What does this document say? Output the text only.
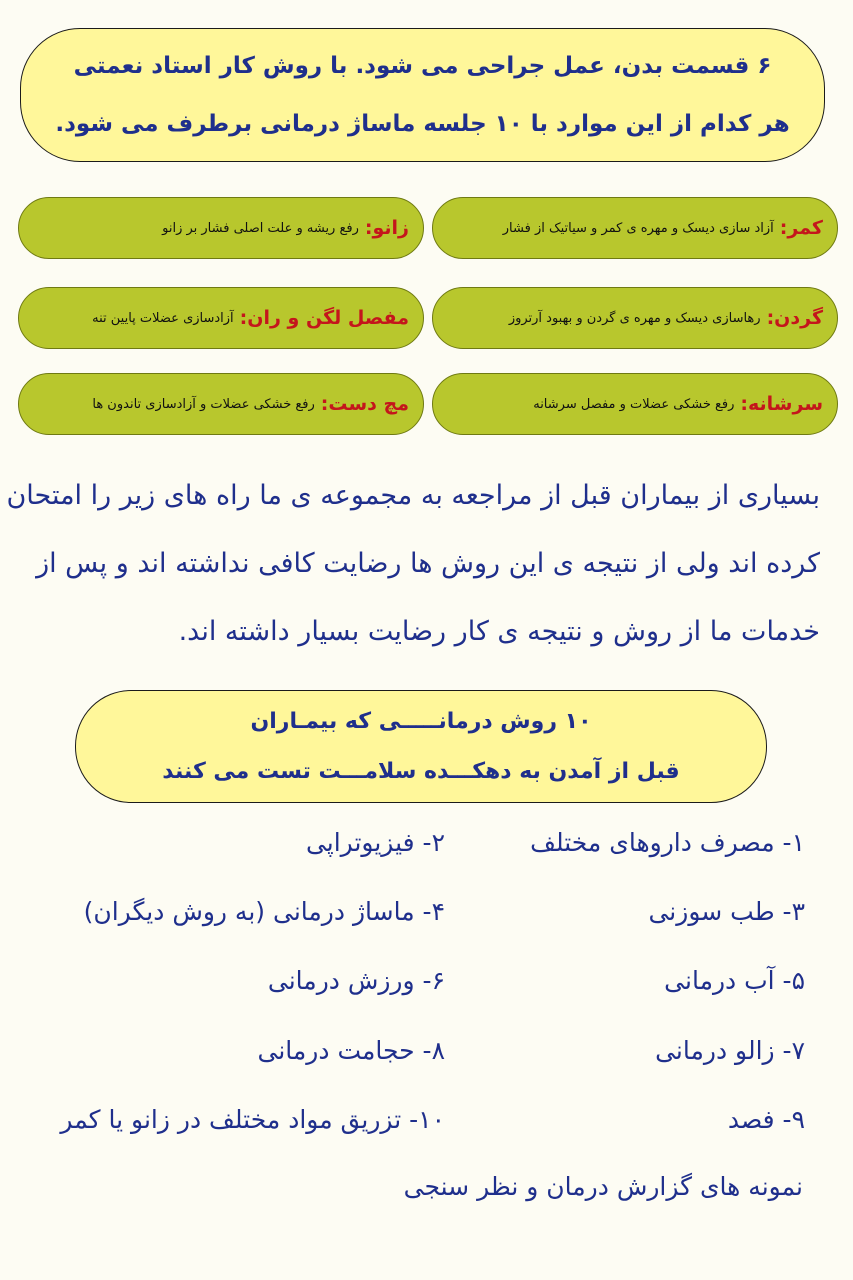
۶ قسمت بدن، عمل جراحی می شود. با روش کار استاد نعمتی
هر کدام از این موارد با ۱۰ جلسه ماساژ درمانی برطرف می شود.
کمر:
آزاد سازی دیسک و مهره ی کمر و سیاتیک از فشار
زانو:
رفع ریشه و علت اصلی فشار بر زانو
گردن:
رهاسازی دیسک و مهره ی گردن و بهبود آرتروز
مفصل لگن و ران:
آزادسازی عضلات پایین تنه
سرشانه:
رفع خشکی عضلات و مفصل سرشانه
مچ دست:
رفع خشکی عضلات و آزادسازی تاندون ها
بسیاری از بیماران قبل از مراجعه به مجموعه ی ما راه های زیر را امتحان
کرده اند ولی از نتیجه ی این روش ها رضایت کافی نداشته اند و پس از
خدمات ما از روش و نتیجه ی کار رضایت بسیار داشته اند.
۱۰ روش درمانـــــی که بیمـاران
قبل از آمدن به دهکـــده سلامـــت تست می کنند
۱- مصرف داروهای مختلف
۲- فیزیوتراپی
۳- طب سوزنی
۴- ماساژ درمانی (به روش دیگران)
۵- آب درمانی
۶- ورزش درمانی
۷- زالو درمانی
۸- حجامت درمانی
۹- فصد
۱۰- تزریق مواد مختلف در زانو یا کمر
نمونه های گزارش درمان و نظر سنجی
